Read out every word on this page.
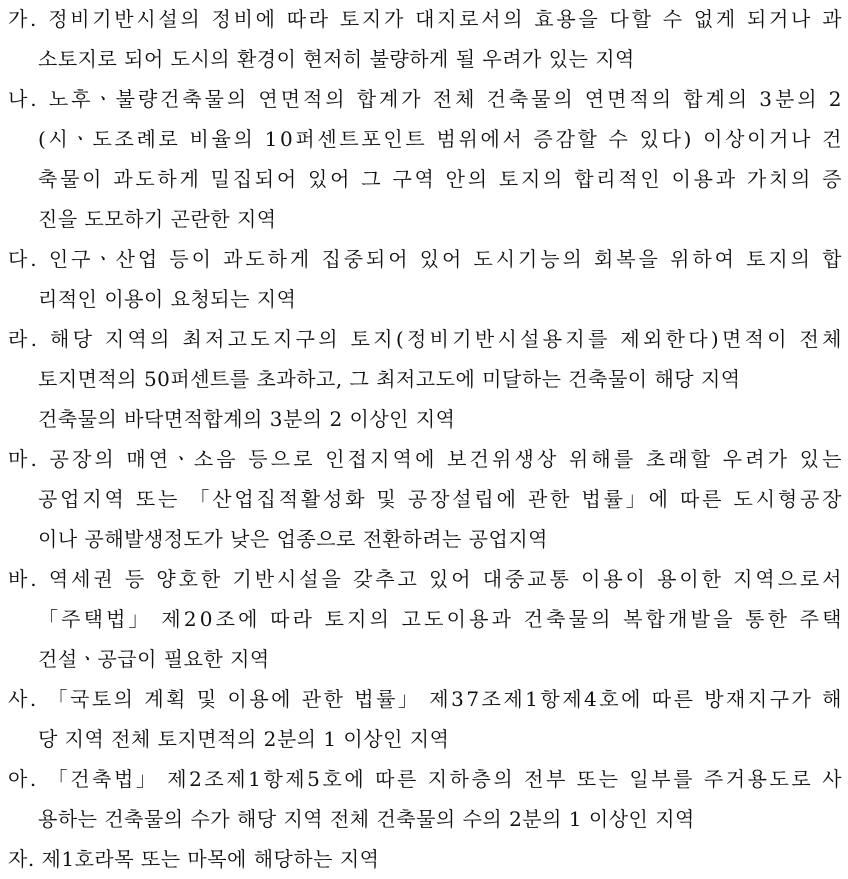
가. 정비기반시설의 정비에 따라 토지가 대지로서의 효용을 다할 수 없게 되거나 과
소토지로 되어 도시의 환경이 현저히 불량하게 될 우려가 있는 지역
나. 노후ㆍ불량건축물의 연면적의 합계가 전체 건축물의 연면적의 합계의 3분의 2
(시ㆍ도조례로 비율의 10퍼센트포인트 범위에서 증감할 수 있다) 이상이거나 건
축물이 과도하게 밀집되어 있어 그 구역 안의 토지의 합리적인 이용과 가치의 증
진을 도모하기 곤란한 지역
다. 인구ㆍ산업 등이 과도하게 집중되어 있어 도시기능의 회복을 위하여 토지의 합
리적인 이용이 요청되는 지역
라. 해당 지역의 최저고도지구의 토지(정비기반시설용지를 제외한다)면적이 전체
토지면적의 50퍼센트를 초과하고, 그 최저고도에 미달하는 건축물이 해당 지역
건축물의 바닥면적합계의 3분의 2 이상인 지역
마. 공장의 매연ㆍ소음 등으로 인접지역에 보건위생상 위해를 초래할 우려가 있는
공업지역 또는 「산업집적활성화 및 공장설립에 관한 법률」에 따른 도시형공장
이나 공해발생정도가 낮은 업종으로 전환하려는 공업지역
바. 역세권 등 양호한 기반시설을 갖추고 있어 대중교통 이용이 용이한 지역으로서
「주택법」 제20조에 따라 토지의 고도이용과 건축물의 복합개발을 통한 주택
건설ㆍ공급이 필요한 지역
사. 「국토의 계획 및 이용에 관한 법률」 제37조제1항제4호에 따른 방재지구가 해
당 지역 전체 토지면적의 2분의 1 이상인 지역
아. 「건축법」 제2조제1항제5호에 따른 지하층의 전부 또는 일부를 주거용도로 사
용하는 건축물의 수가 해당 지역 전체 건축물의 수의 2분의 1 이상인 지역
자. 제1호라목 또는 마목에 해당하는 지역
